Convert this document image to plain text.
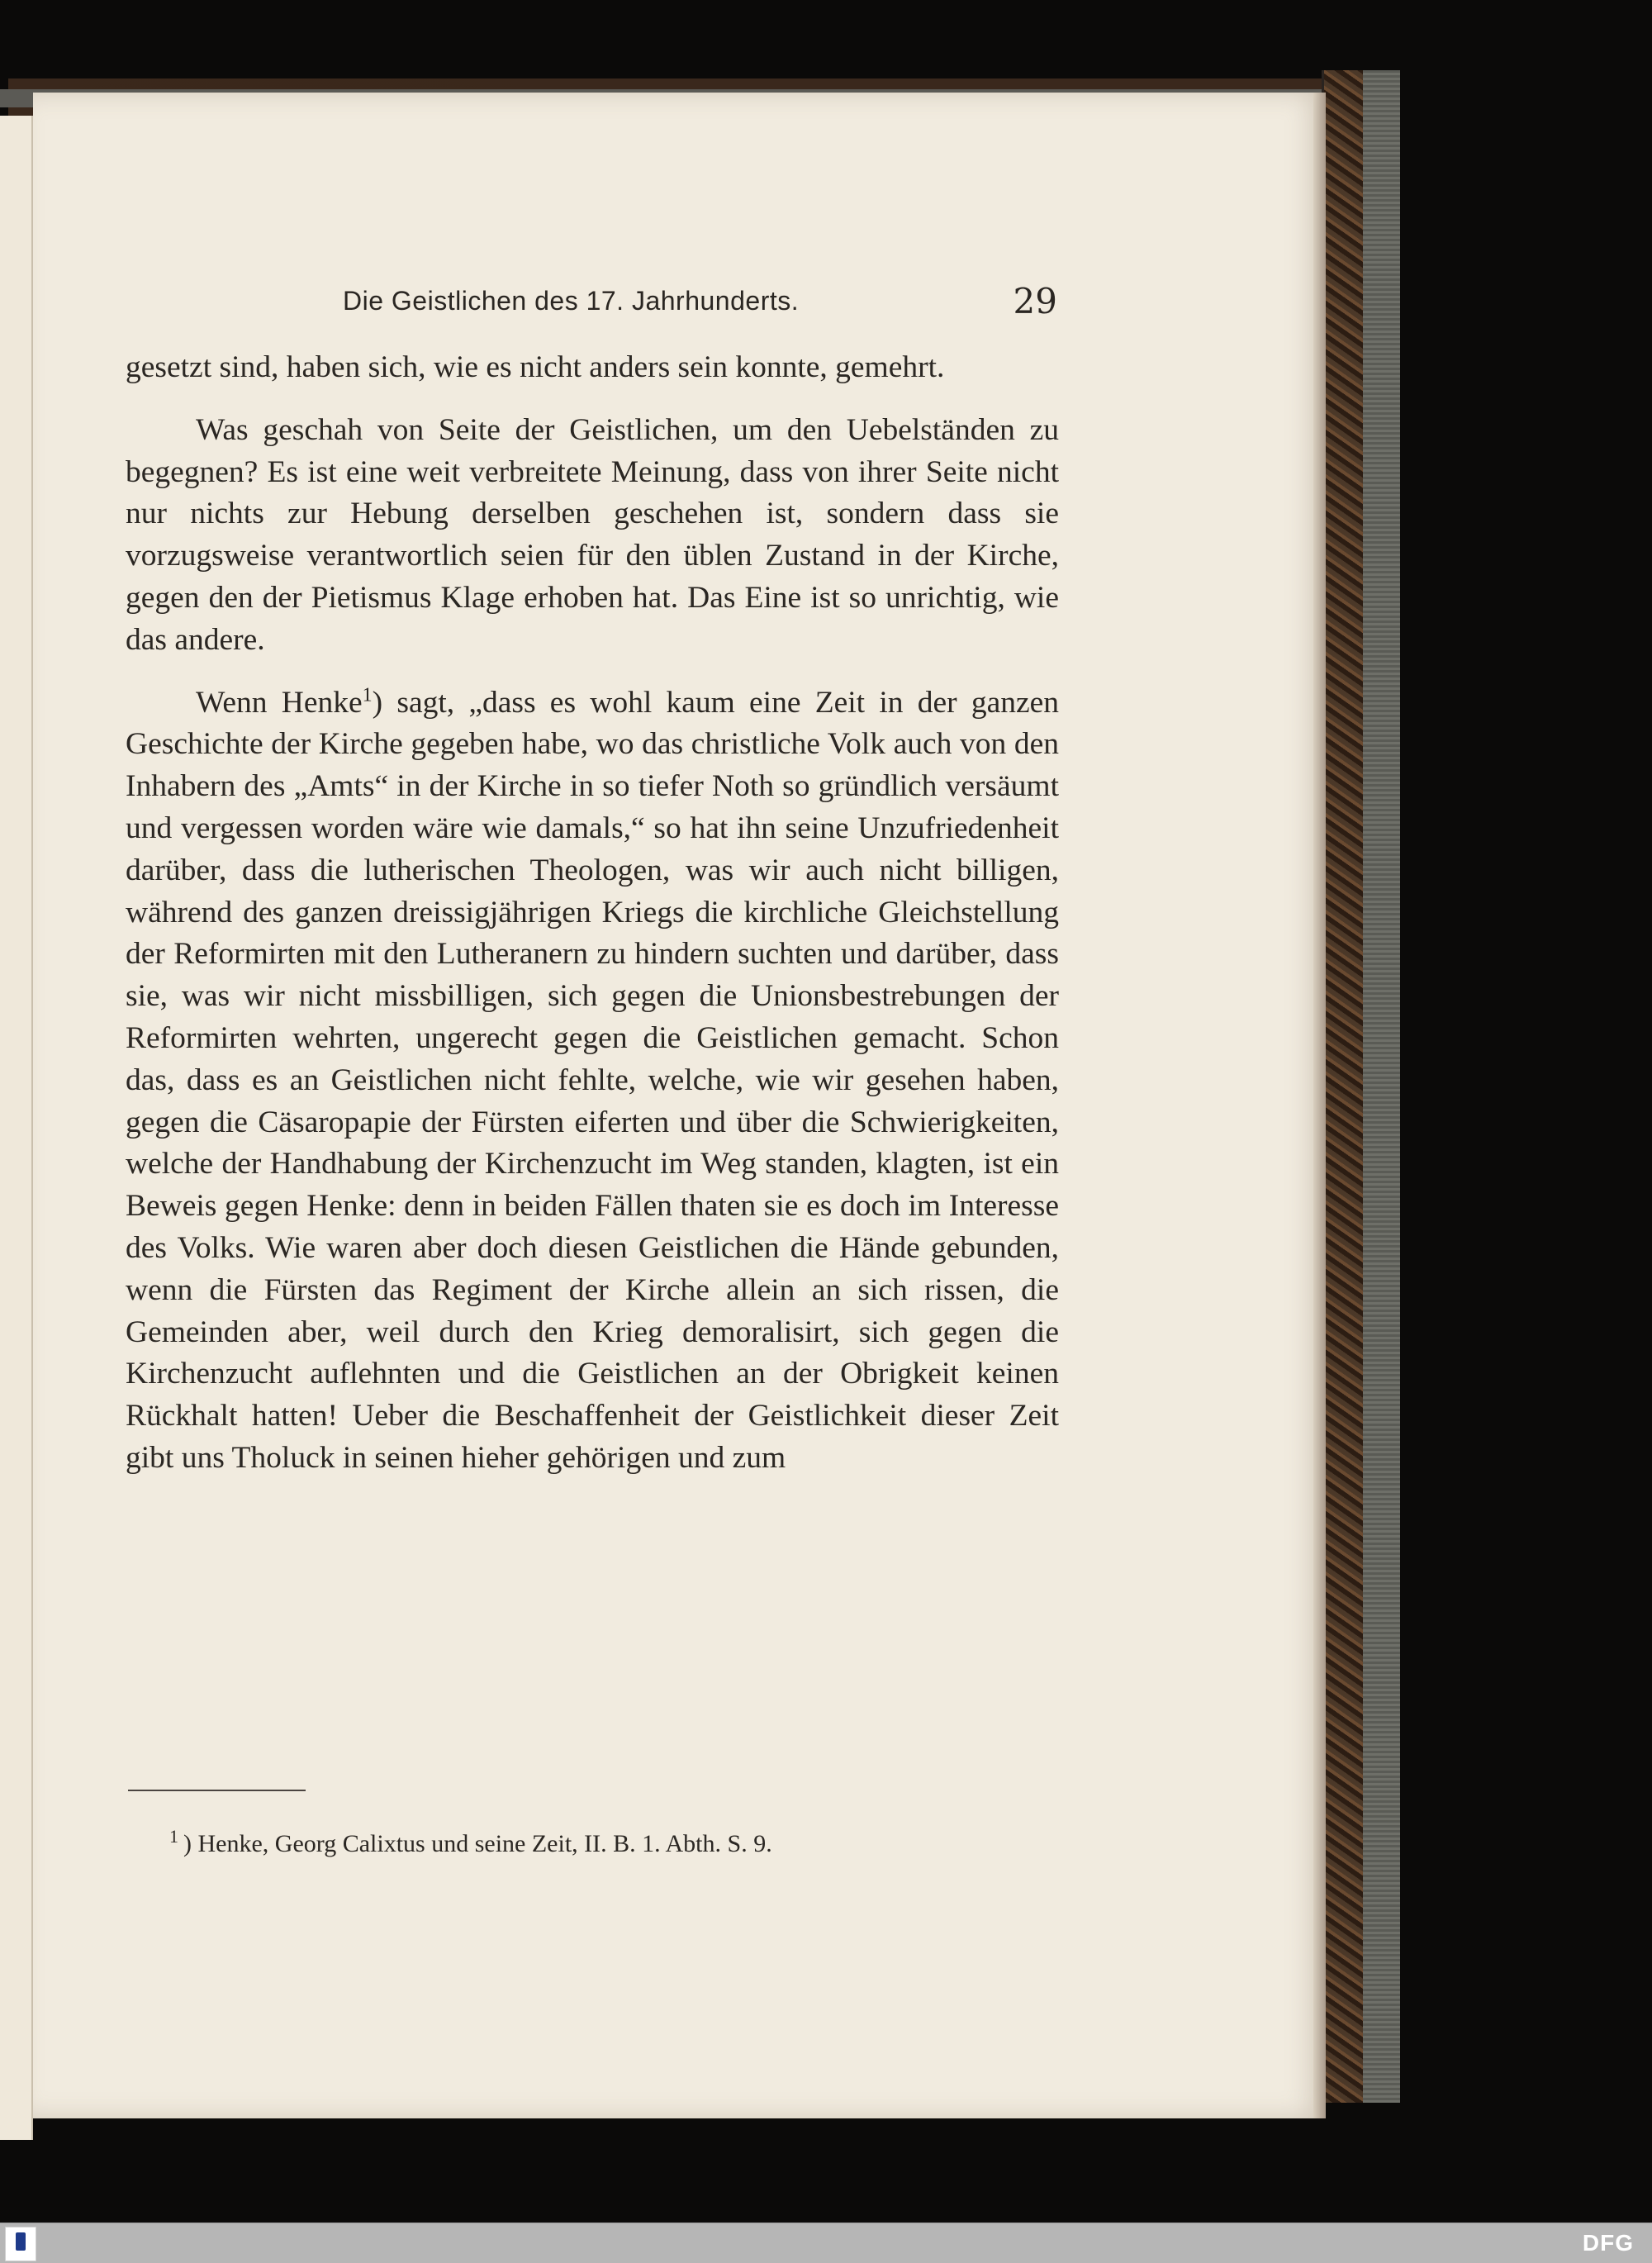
Die Geistlichen des 17. Jahrhunderts.	29

gesetzt sind, haben sich, wie es nicht anders sein konnte, gemehrt.

Was geschah von Seite der Geistlichen, um den Uebelständen zu begegnen? Es ist eine weit verbreitete Meinung, dass von ihrer Seite nicht nur nichts zur Hebung derselben geschehen ist, sondern dass sie vorzugsweise verantwortlich seien für den üblen Zustand in der Kirche, gegen den der Pietismus Klage erhoben hat. Das Eine ist so unrichtig, wie das andere.

Wenn Henke$^1$) sagt, „dass es wohl kaum eine Zeit in der ganzen Geschichte der Kirche gegeben habe, wo das christliche Volk auch von den Inhabern des „Amts“ in der Kirche in so tiefer Noth so gründlich versäumt und vergessen worden wäre wie damals,“ so hat ihn seine Unzufriedenheit darüber, dass die lutherischen Theologen, was wir auch nicht billigen, während des ganzen dreissigjährigen Kriegs die kirchliche Gleichstellung der Reformirten mit den Lutheranern zu hindern suchten und darüber, dass sie, was wir nicht missbilligen, sich gegen die Unionsbestrebungen der Reformirten wehrten, ungerecht gegen die Geistlichen gemacht. Schon das, dass es an Geistlichen nicht fehlte, welche, wie wir gesehen haben, gegen die Cäsaropapie der Fürsten eiferten und über die Schwierigkeiten, welche der Handhabung der Kirchenzucht im Weg standen, klagten, ist ein Beweis gegen Henke: denn in beiden Fällen thaten sie es doch im Interesse des Volks. Wie waren aber doch diesen Geistlichen die Hände gebunden, wenn die Fürsten das Regiment der Kirche allein an sich rissen, die Gemeinden aber, weil durch den Krieg demoralisirt, sich gegen die Kirchenzucht auflehnten und die Geistlichen an der Obrigkeit keinen Rückhalt hatten! Ueber die Beschaffenheit der Geistlichkeit dieser Zeit gibt uns Tholuck in seinen hieher gehörigen und zum

$^1$ ) Henke, Georg Calixtus und seine Zeit, II. B. 1. Abth. S. 9.
DFG
